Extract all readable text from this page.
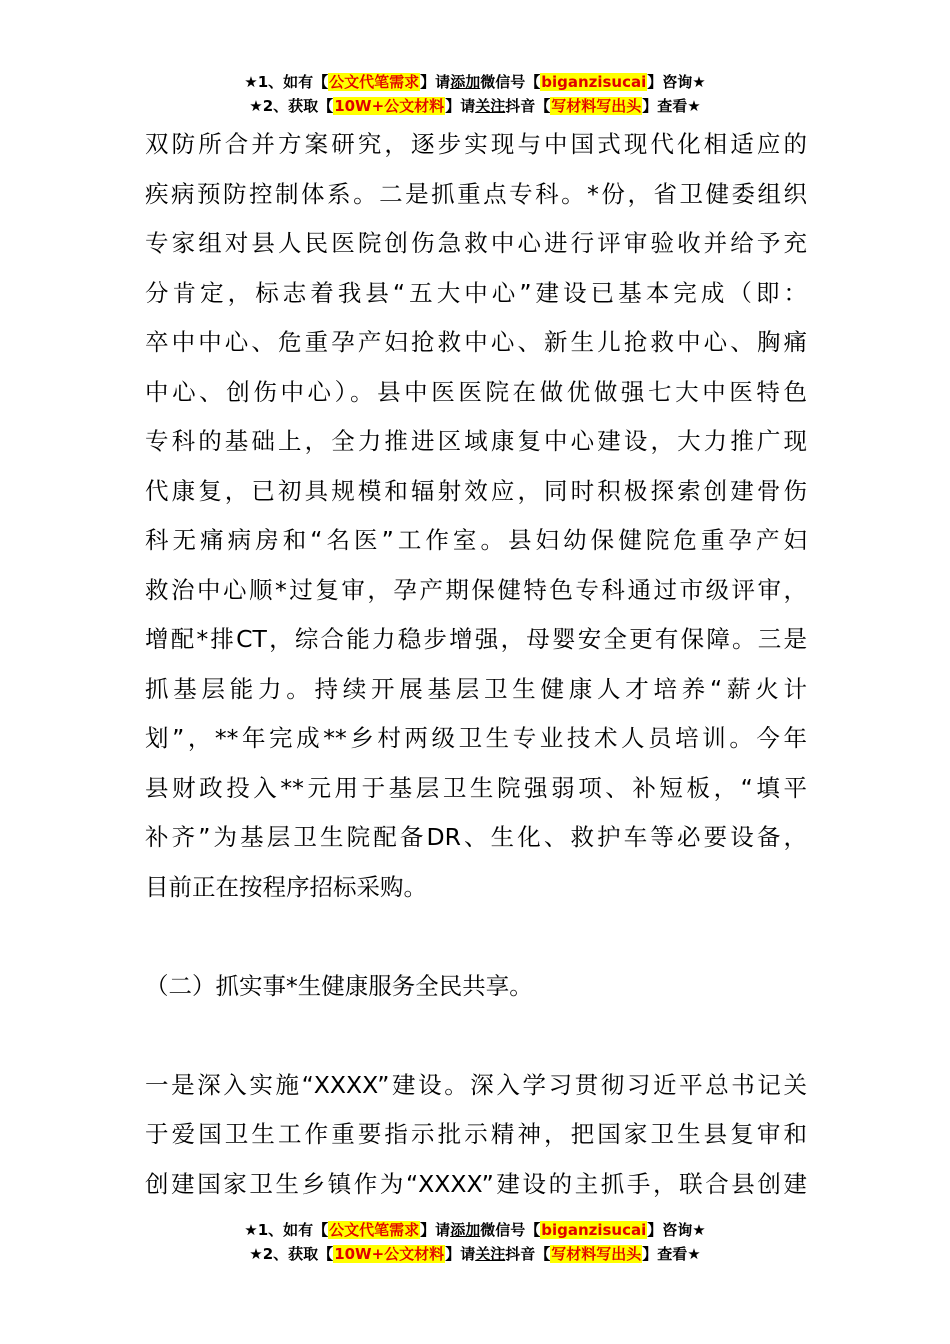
★1、如有【公文代笔需求】请添加微信号【biganzisucai】咨询★
★2、获取【10W+公文材料】请关注抖音【写材料写出头】查看★
双防所合并方案研究，逐步实现与中国式现代化相适应的
疾病预防控制体系。二是抓重点专科。*份，省卫健委组织
专家组对县人民医院创伤急救中心进行评审验收并给予充
分肯定，标志着我县“五大中心”建设已基本完成（即：
卒中中心、危重孕产妇抢救中心、新生儿抢救中心、胸痛
中心、创伤中心）。县中医医院在做优做强七大中医特色
专科的基础上，全力推进区域康复中心建设，大力推广现
代康复，已初具规模和辐射效应，同时积极探索创建骨伤
科无痛病房和“名医”工作室。县妇幼保健院危重孕产妇
救治中心顺*过复审，孕产期保健特色专科通过市级评审，
增配*排CT，综合能力稳步增强，母婴安全更有保障。三是
抓基层能力。持续开展基层卫生健康人才培养“薪火计
划”，**年完成**乡村两级卫生专业技术人员培训。今年
县财政投入**元用于基层卫生院强弱项、补短板，“填平
补齐”为基层卫生院配备DR、生化、救护车等必要设备，
目前正在按程序招标采购。
（二）抓实事*生健康服务全民共享。
一是深入实施“XXXX”建设。深入学习贯彻习近平总书记关
于爱国卫生工作重要指示批示精神，把国家卫生县复审和
创建国家卫生乡镇作为“XXXX”建设的主抓手，联合县创建
★1、如有【公文代笔需求】请添加微信号【biganzisucai】咨询★
★2、获取【10W+公文材料】请关注抖音【写材料写出头】查看★
